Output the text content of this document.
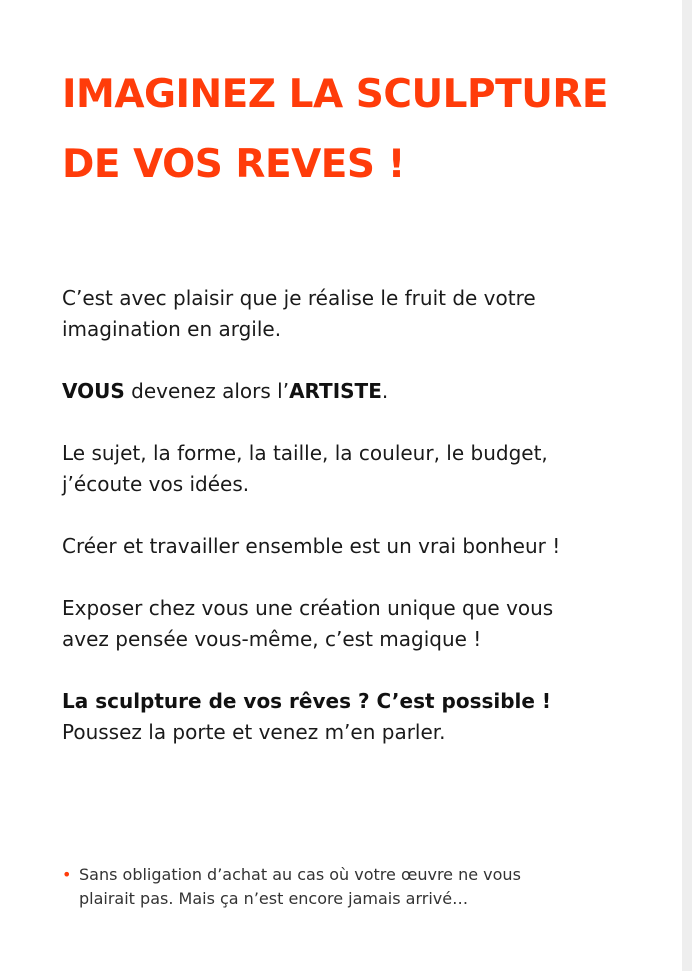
IMAGINEZ LA SCULPTURE
DE VOS REVES !

C’est avec plaisir que je réalise le fruit de votre
imagination en argile.

VOUS devenez alors l’ARTISTE.

Le sujet, la forme, la taille, la couleur, le budget,
j’écoute vos idées.

Créer et travailler ensemble est un vrai bonheur !

Exposer chez vous une création unique que vous
avez pensée vous-même, c’est magique !

La sculpture de vos rêves ? C’est possible !
Poussez la porte et venez m’en parler.

• Sans obligation d’achat au cas où votre œuvre ne vous
plairait pas. Mais ça n’est encore jamais arrivé…
